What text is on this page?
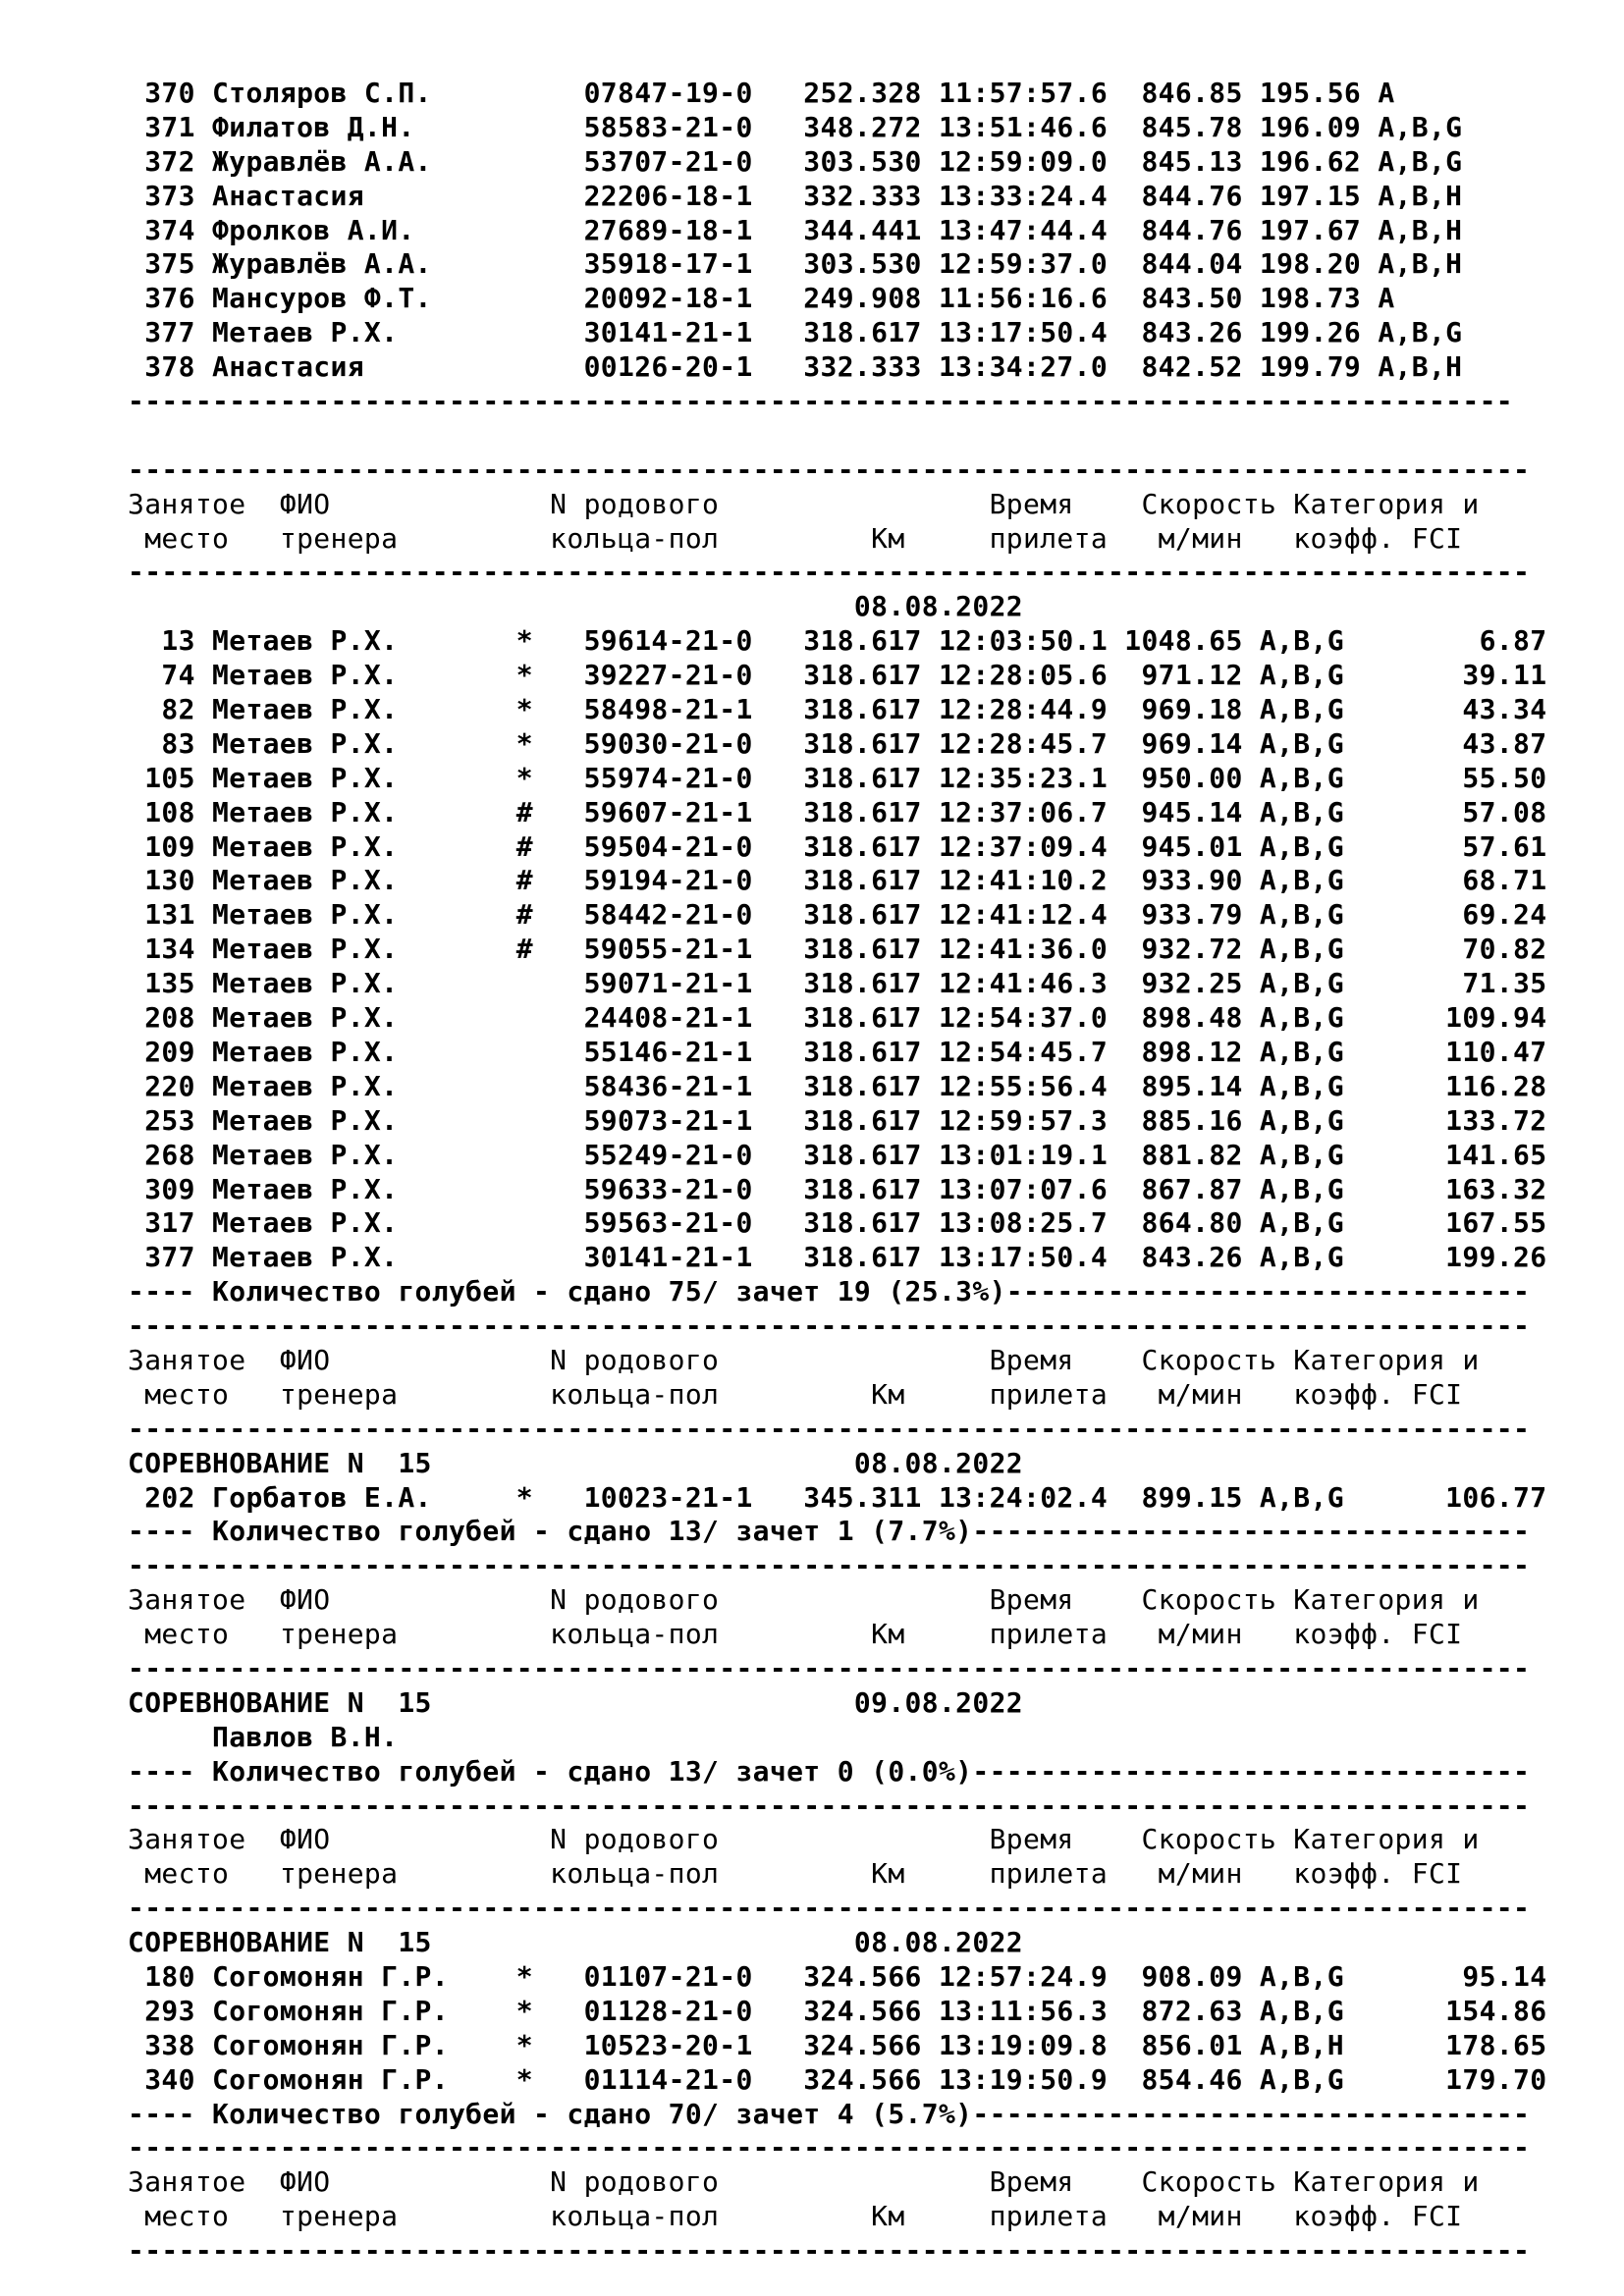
370 Столяров С.П.         07847-19-0   252.328 11:57:57.6  846.85 195.56 A
371 Филатов Д.Н.          58583-21-0   348.272 13:51:46.6  845.78 196.09 A,B,G
372 Журавлёв А.А.         53707-21-0   303.530 12:59:09.0  845.13 196.62 A,B,G
373 Анастасия             22206-18-1   332.333 13:33:24.4  844.76 197.15 A,B,H
374 Фролков А.И.          27689-18-1   344.441 13:47:44.4  844.76 197.67 A,B,H
375 Журавлёв А.А.         35918-17-1   303.530 12:59:37.0  844.04 198.20 A,B,H
376 Мансуров Ф.Т.         20092-18-1   249.908 11:56:16.6  843.50 198.73 A
377 Метаев Р.Х.           30141-21-1   318.617 13:17:50.4  843.26 199.26 A,B,G
378 Анастасия             00126-20-1   332.333 13:34:27.0  842.52 199.79 A,B,H
----------------------------------------------------------------------------------
-----------------------------------------------------------------------------------
Занятое  ФИО             N родового                Время    Скорость Категория и
место   тренера         кольца-пол         Км     прилета   м/мин   коэфф. FCI
-----------------------------------------------------------------------------------
08.08.2022
13 Метаев Р.Х.       *   59614-21-0   318.617 12:03:50.1 1048.65 A,B,G        6.87
74 Метаев Р.Х.       *   39227-21-0   318.617 12:28:05.6  971.12 A,B,G       39.11
82 Метаев Р.Х.       *   58498-21-1   318.617 12:28:44.9  969.18 A,B,G       43.34
83 Метаев Р.Х.       *   59030-21-0   318.617 12:28:45.7  969.14 A,B,G       43.87
105 Метаев Р.Х.       *   55974-21-0   318.617 12:35:23.1  950.00 A,B,G       55.50
108 Метаев Р.Х.       #   59607-21-1   318.617 12:37:06.7  945.14 A,B,G       57.08
109 Метаев Р.Х.       #   59504-21-0   318.617 12:37:09.4  945.01 A,B,G       57.61
130 Метаев Р.Х.       #   59194-21-0   318.617 12:41:10.2  933.90 A,B,G       68.71
131 Метаев Р.Х.       #   58442-21-0   318.617 12:41:12.4  933.79 A,B,G       69.24
134 Метаев Р.Х.       #   59055-21-1   318.617 12:41:36.0  932.72 A,B,G       70.82
135 Метаев Р.Х.           59071-21-1   318.617 12:41:46.3  932.25 A,B,G       71.35
208 Метаев Р.Х.           24408-21-1   318.617 12:54:37.0  898.48 A,B,G      109.94
209 Метаев Р.Х.           55146-21-1   318.617 12:54:45.7  898.12 A,B,G      110.47
220 Метаев Р.Х.           58436-21-1   318.617 12:55:56.4  895.14 A,B,G      116.28
253 Метаев Р.Х.           59073-21-1   318.617 12:59:57.3  885.16 A,B,G      133.72
268 Метаев Р.Х.           55249-21-0   318.617 13:01:19.1  881.82 A,B,G      141.65
309 Метаев Р.Х.           59633-21-0   318.617 13:07:07.6  867.87 A,B,G      163.32
317 Метаев Р.Х.           59563-21-0   318.617 13:08:25.7  864.80 A,B,G      167.55
377 Метаев Р.Х.           30141-21-1   318.617 13:17:50.4  843.26 A,B,G      199.26
---- Количество голубей - сдано 75/ зачет 19 (25.3%)-------------------------------
-----------------------------------------------------------------------------------
Занятое  ФИО             N родового                Время    Скорость Категория и
место   тренера         кольца-пол         Км     прилета   м/мин   коэфф. FCI
-----------------------------------------------------------------------------------
СОРЕВНОВАНИЕ N  15                         08.08.2022
202 Горбатов Е.А.     *   10023-21-1   345.311 13:24:02.4  899.15 A,B,G      106.77
---- Количество голубей - сдано 13/ зачет 1 (7.7%)---------------------------------
-----------------------------------------------------------------------------------
Занятое  ФИО             N родового                Время    Скорость Категория и
место   тренера         кольца-пол         Км     прилета   м/мин   коэфф. FCI
-----------------------------------------------------------------------------------
СОРЕВНОВАНИЕ N  15                         09.08.2022
Павлов В.Н.
---- Количество голубей - сдано 13/ зачет 0 (0.0%)---------------------------------
-----------------------------------------------------------------------------------
Занятое  ФИО             N родового                Время    Скорость Категория и
место   тренера         кольца-пол         Км     прилета   м/мин   коэфф. FCI
-----------------------------------------------------------------------------------
СОРЕВНОВАНИЕ N  15                         08.08.2022
180 Согомонян Г.Р.    *   01107-21-0   324.566 12:57:24.9  908.09 A,B,G       95.14
293 Согомонян Г.Р.    *   01128-21-0   324.566 13:11:56.3  872.63 A,B,G      154.86
338 Согомонян Г.Р.    *   10523-20-1   324.566 13:19:09.8  856.01 A,B,H      178.65
340 Согомонян Г.Р.    *   01114-21-0   324.566 13:19:50.9  854.46 A,B,G      179.70
---- Количество голубей - сдано 70/ зачет 4 (5.7%)---------------------------------
-----------------------------------------------------------------------------------
Занятое  ФИО             N родового                Время    Скорость Категория и
место   тренера         кольца-пол         Км     прилета   м/мин   коэфф. FCI
-----------------------------------------------------------------------------------
